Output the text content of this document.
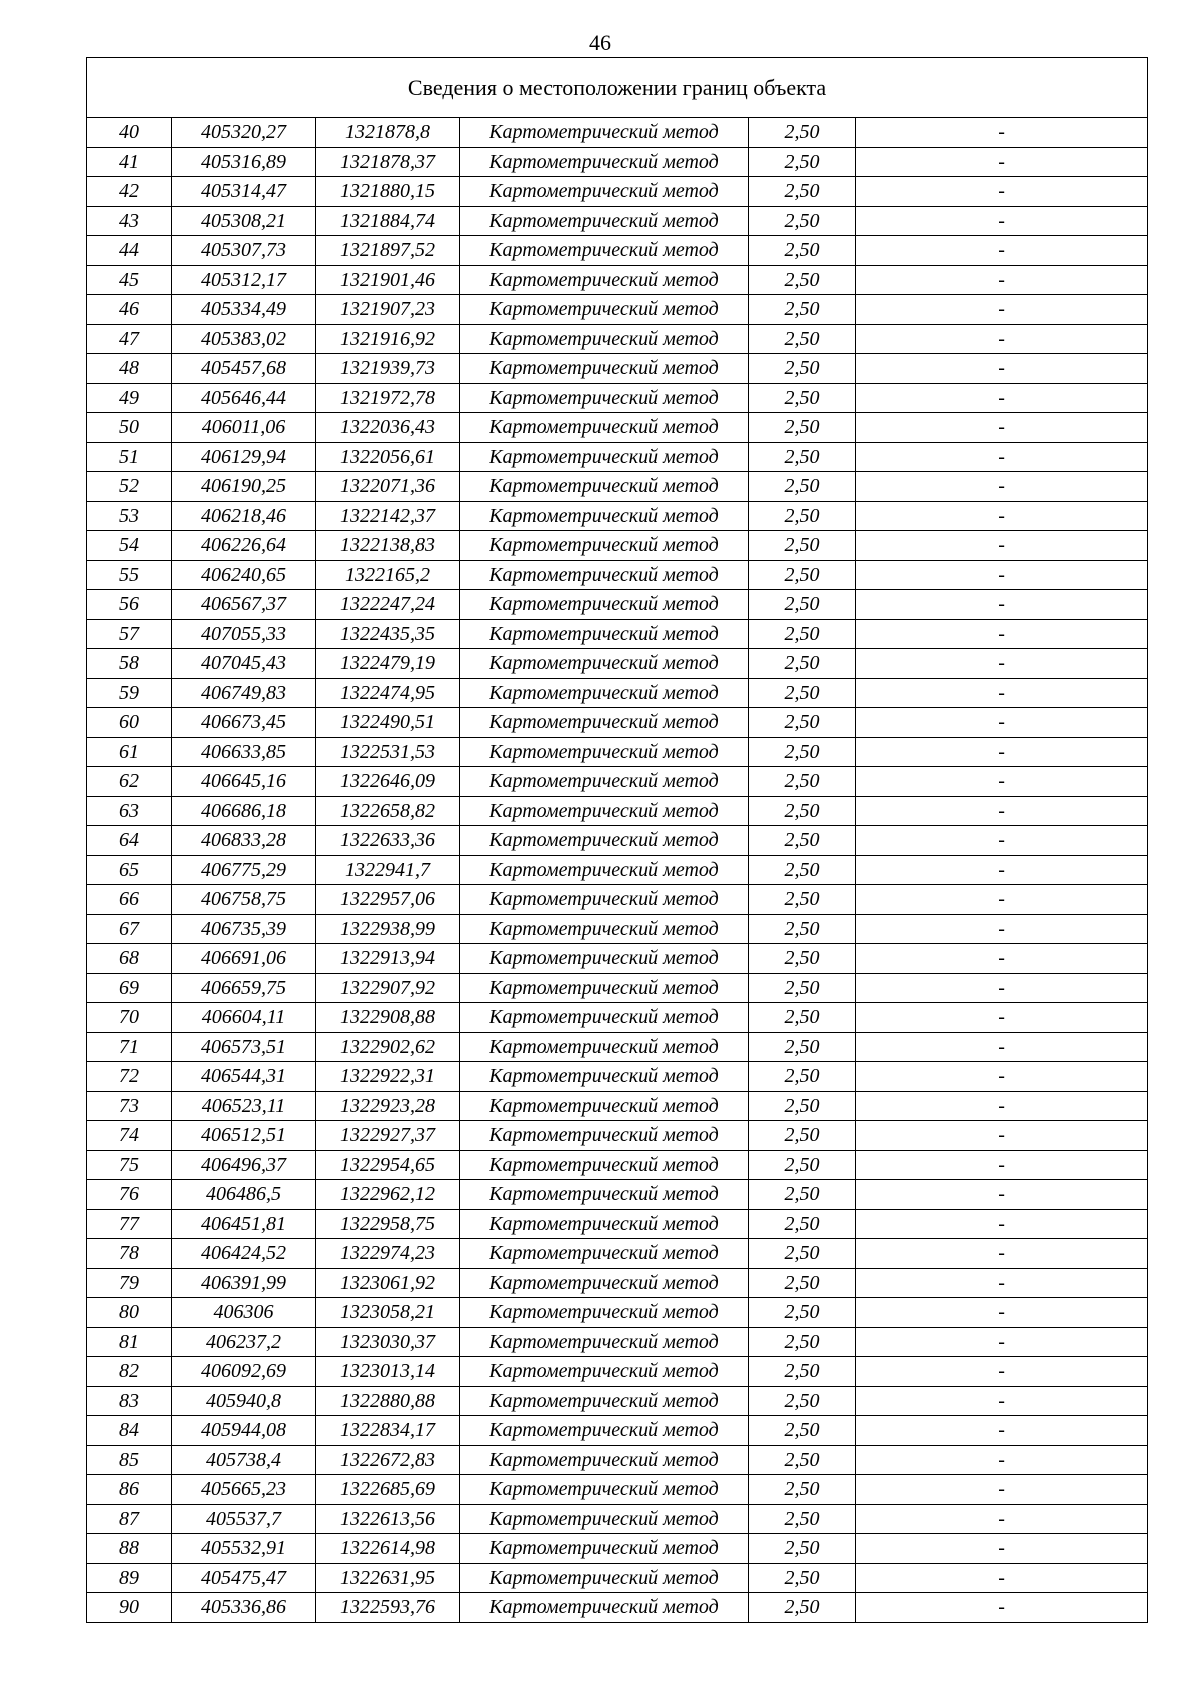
46
Сведения о местоположении границ объекта					
40	405320,27	1321878,8	Картометрический метод	2,50	-
41	405316,89	1321878,37	Картометрический метод	2,50	-
42	405314,47	1321880,15	Картометрический метод	2,50	-
43	405308,21	1321884,74	Картометрический метод	2,50	-
44	405307,73	1321897,52	Картометрический метод	2,50	-
45	405312,17	1321901,46	Картометрический метод	2,50	-
46	405334,49	1321907,23	Картометрический метод	2,50	-
47	405383,02	1321916,92	Картометрический метод	2,50	-
48	405457,68	1321939,73	Картометрический метод	2,50	-
49	405646,44	1321972,78	Картометрический метод	2,50	-
50	406011,06	1322036,43	Картометрический метод	2,50	-
51	406129,94	1322056,61	Картометрический метод	2,50	-
52	406190,25	1322071,36	Картометрический метод	2,50	-
53	406218,46	1322142,37	Картометрический метод	2,50	-
54	406226,64	1322138,83	Картометрический метод	2,50	-
55	406240,65	1322165,2	Картометрический метод	2,50	-
56	406567,37	1322247,24	Картометрический метод	2,50	-
57	407055,33	1322435,35	Картометрический метод	2,50	-
58	407045,43	1322479,19	Картометрический метод	2,50	-
59	406749,83	1322474,95	Картометрический метод	2,50	-
60	406673,45	1322490,51	Картометрический метод	2,50	-
61	406633,85	1322531,53	Картометрический метод	2,50	-
62	406645,16	1322646,09	Картометрический метод	2,50	-
63	406686,18	1322658,82	Картометрический метод	2,50	-
64	406833,28	1322633,36	Картометрический метод	2,50	-
65	406775,29	1322941,7	Картометрический метод	2,50	-
66	406758,75	1322957,06	Картометрический метод	2,50	-
67	406735,39	1322938,99	Картометрический метод	2,50	-
68	406691,06	1322913,94	Картометрический метод	2,50	-
69	406659,75	1322907,92	Картометрический метод	2,50	-
70	406604,11	1322908,88	Картометрический метод	2,50	-
71	406573,51	1322902,62	Картометрический метод	2,50	-
72	406544,31	1322922,31	Картометрический метод	2,50	-
73	406523,11	1322923,28	Картометрический метод	2,50	-
74	406512,51	1322927,37	Картометрический метод	2,50	-
75	406496,37	1322954,65	Картометрический метод	2,50	-
76	406486,5	1322962,12	Картометрический метод	2,50	-
77	406451,81	1322958,75	Картометрический метод	2,50	-
78	406424,52	1322974,23	Картометрический метод	2,50	-
79	406391,99	1323061,92	Картометрический метод	2,50	-
80	406306	1323058,21	Картометрический метод	2,50	-
81	406237,2	1323030,37	Картометрический метод	2,50	-
82	406092,69	1323013,14	Картометрический метод	2,50	-
83	405940,8	1322880,88	Картометрический метод	2,50	-
84	405944,08	1322834,17	Картометрический метод	2,50	-
85	405738,4	1322672,83	Картометрический метод	2,50	-
86	405665,23	1322685,69	Картометрический метод	2,50	-
87	405537,7	1322613,56	Картометрический метод	2,50	-
88	405532,91	1322614,98	Картометрический метод	2,50	-
89	405475,47	1322631,95	Картометрический метод	2,50	-
90	405336,86	1322593,76	Картометрический метод	2,50	-
